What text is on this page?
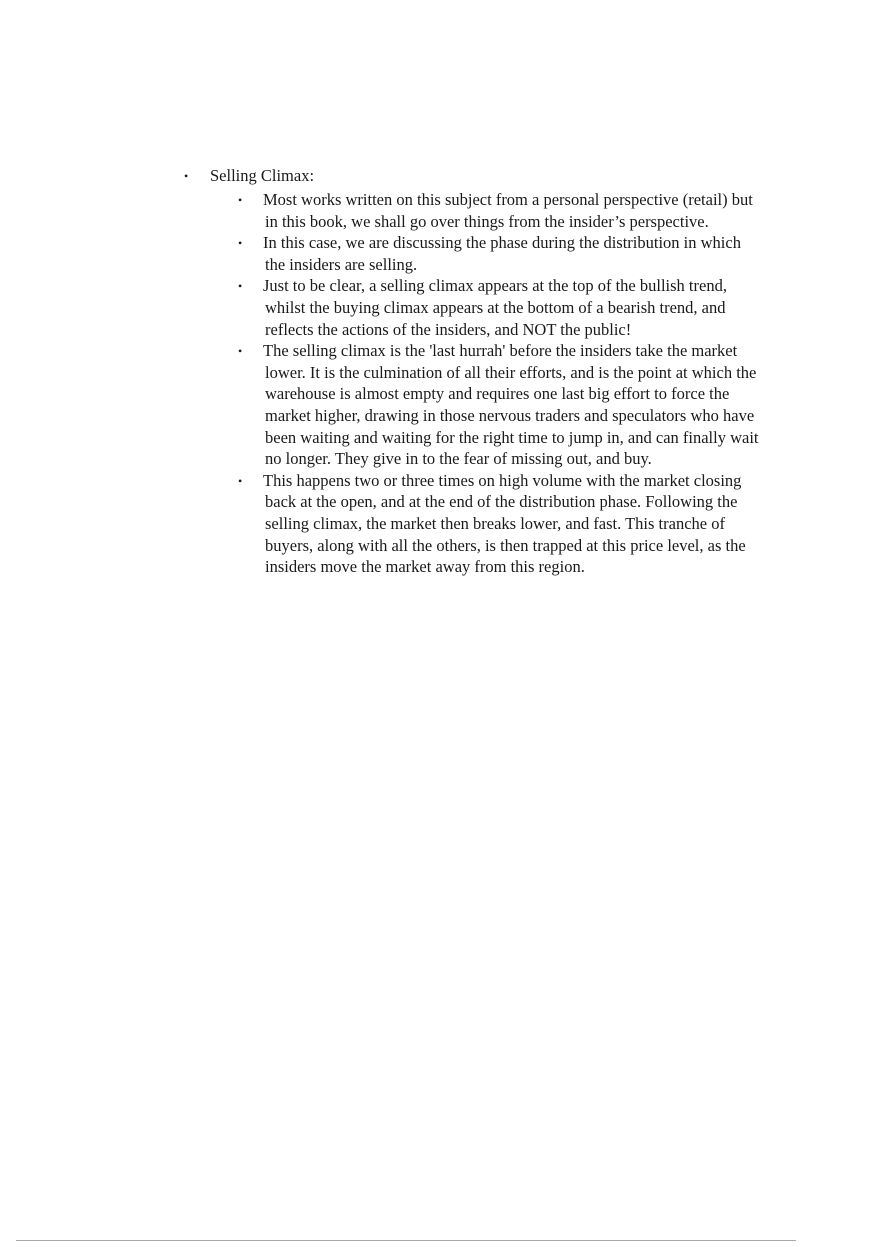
• Selling Climax:
• Most works written on this subject from a personal perspective (retail) but in this book, we shall go over things from the insider’s perspective.
• In this case, we are discussing the phase during the distribution in which the insiders are selling.
• Just to be clear, a selling climax appears at the top of the bullish trend, whilst the buying climax appears at the bottom of a bearish trend, and reflects the actions of the insiders, and NOT the public!
• The selling climax is the 'last hurrah' before the insiders take the market lower. It is the culmination of all their efforts, and is the point at which the warehouse is almost empty and requires one last big effort to force the market higher, drawing in those nervous traders and speculators who have been waiting and waiting for the right time to jump in, and can finally wait no longer. They give in to the fear of missing out, and buy.
• This happens two or three times on high volume with the market closing back at the open, and at the end of the distribution phase. Following the selling climax, the market then breaks lower, and fast. This tranche of buyers, along with all the others, is then trapped at this price level, as the insiders move the market away from this region.
